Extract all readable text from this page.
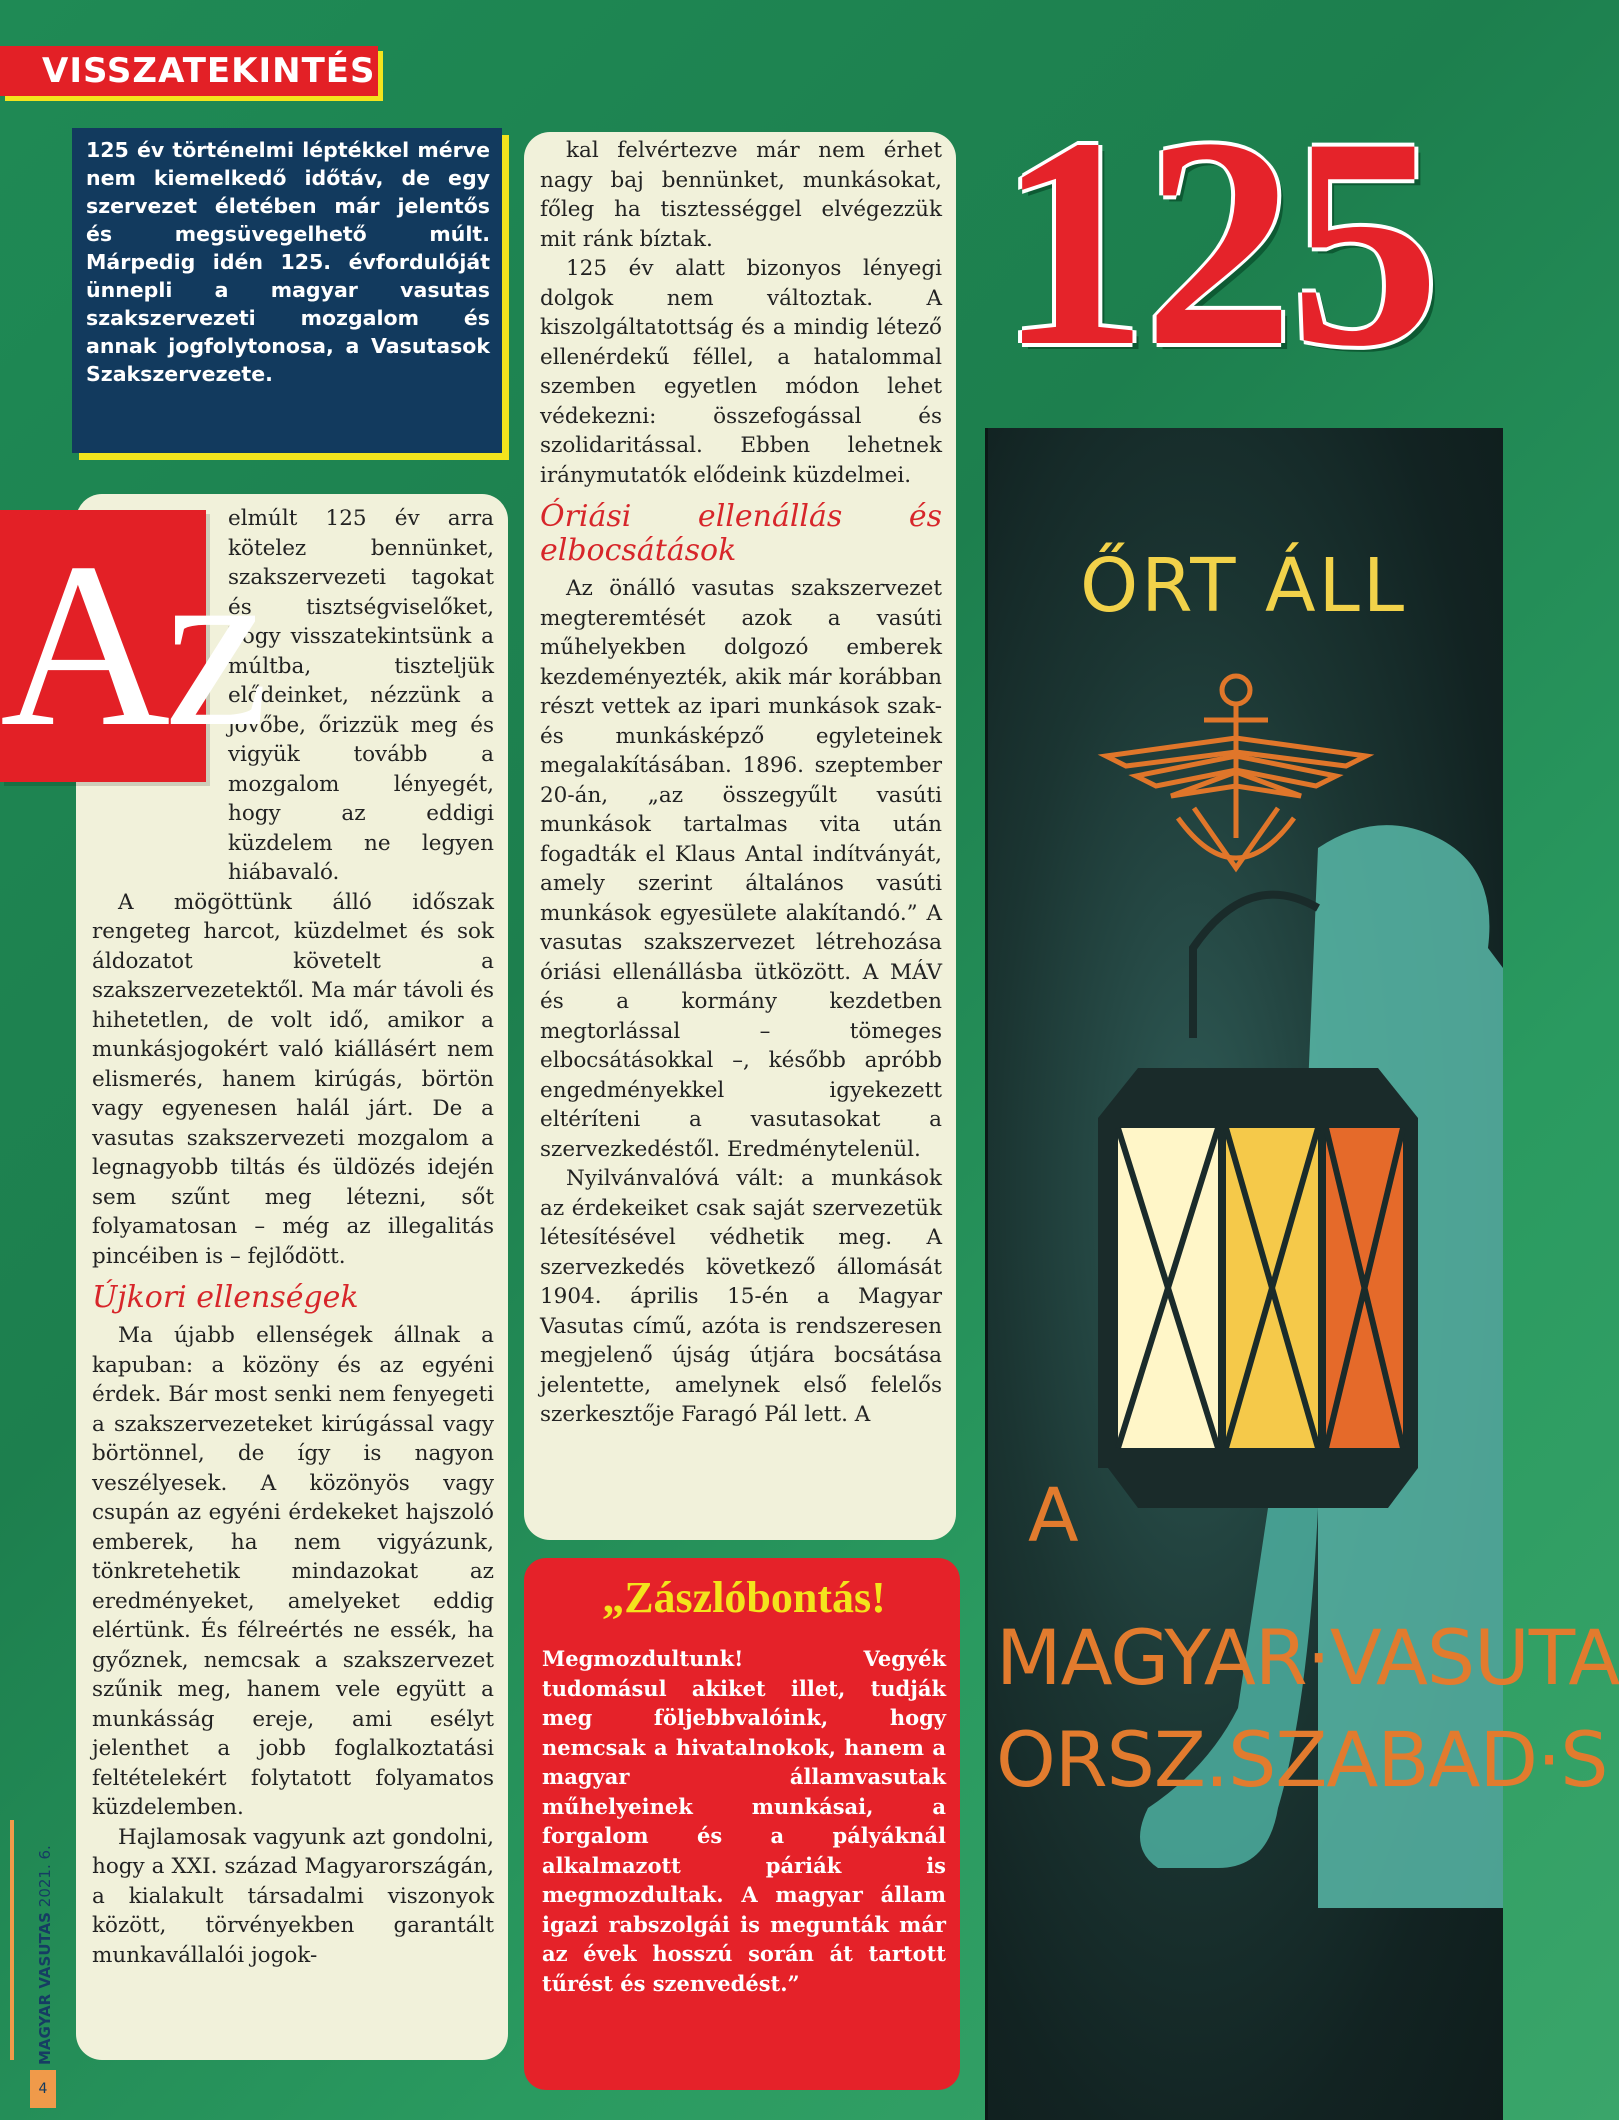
VISSZATEKINTÉS
125 év történelmi léptékkel mérve nem kiemelkedő időtáv, de egy szervezet életében már jelentős és megsüvegelhető múlt. Márpedig idén 125. évfordulóját ünnepli a magyar vasutas szakszervezeti mozgalom és annak jogfolytonosa, a Vasutasok Szakszervezete.	125

elmúlt 125 év arra kötelez bennünket, szakszervezeti tagokat és tisztségviselőket, hogy visszatekintsünk a múltba, tiszteljük elődeinket, nézzünk a jövőbe, őrizzük meg és vigyük tovább a mozgalom lényegét, hogy az eddigi küzdelem ne legyen hiábavaló.

A mögöttünk álló időszak rengeteg harcot, küzdelmet és sok áldozatot követelt a szakszervezetektől. Ma már távoli és hihetetlen, de volt idő, amikor a munkásjogokért való kiállásért nem elismerés, hanem kirúgás, börtön vagy egyenesen halál járt. De a vasutas szakszervezeti mozgalom a legnagyobb tiltás és üldözés idején sem szűnt meg létezni, sőt folyamatosan – még az illegalitás pincéiben is – fejlődött.

Újkori ellenségek

Ma újabb ellenségek állnak a kapuban: a közöny és az egyéni érdek. Bár most senki nem fenyegeti a szakszervezeteket kirúgással vagy börtönnel, de így is nagyon veszélyesek. A közönyös vagy csupán az egyéni érdekeket hajszoló emberek, ha nem vigyázunk, tönkretehetik mindazokat az eredményeket, amelyeket eddig elértünk. És félreértés ne essék, ha győznek, nemcsak a szakszervezet szűnik meg, hanem vele együtt a munkásság ereje, ami esélyt jelenthet a jobb foglalkoztatási feltételekért folytatott folyamatos küzdelemben.

Hajlamosak vagyunk azt gondolni, hogy a XXI. század Magyarországán, a kialakult társadalmi viszonyok között, törvényekben garantált munkavállalói jogok-

Az

kal felvértezve már nem érhet nagy baj bennünket, munkásokat, főleg ha tisztességgel elvégezzük mit ránk bíztak.

125 év alatt bizonyos lényegi dolgok nem változtak. A kiszolgáltatottság és a mindig létező ellenérdekű féllel, a hatalommal szemben egyetlen módon lehet védekezni: összefogással és szolidaritással. Ebben lehetnek iránymutatók elődeink küzdelmei.

Óriási ellenállás és elbocsátások

Az önálló vasutas szakszervezet megteremtését azok a vasúti műhelyekben dolgozó emberek kezdeményezték, akik már korábban részt vettek az ipari munkások szak- és munkásképző egyleteinek megalakításában. 1896. szeptember 20-án, „az összegyűlt vasúti munkások tartalmas vita után fogadták el Klaus Antal indítványát, amely szerint általános vasúti munkások egyesülete alakítandó.” A vasutas szakszervezet létrehozása óriási ellenállásba ütközött. A MÁV és a kormány kezdetben megtorlással – tömeges elbocsátásokkal –, később apróbb engedményekkel igyekezett eltéríteni a vasutasokat a szervezkedéstől. Eredménytelenül.

Nyilvánvalóvá vált: a munkások az érdekeiket csak saját szervezetük létesítésével védhetik meg. A szervezkedés következő állomását 1904. április 15-én a Magyar Vasutas című, azóta is rendszeresen megjelenő újság útjára bocsátása jelentette, amelynek első felelős szerkesztője Faragó Pál lett. A

„Zászlóbontás!

Megmozdultunk! Vegyék tudomásul akiket illet, tudják meg följebbvalóink, hogy nemcsak a hivatalnokok, hanem a magyar államvasutak műhelyeinek munkásai, a forgalom és a pályáknál alkalmazott páriák is megmozdultak. A magyar állam igazi rabszolgái is megunták már az évek hosszú során át tartott tűrést és szenvedést.”

ŐRT ÁLL
A
MAGYAR·VASUTA
ORSZ.SZABAD·S
MAGYAR VASUTAS 2021. 6.
4
